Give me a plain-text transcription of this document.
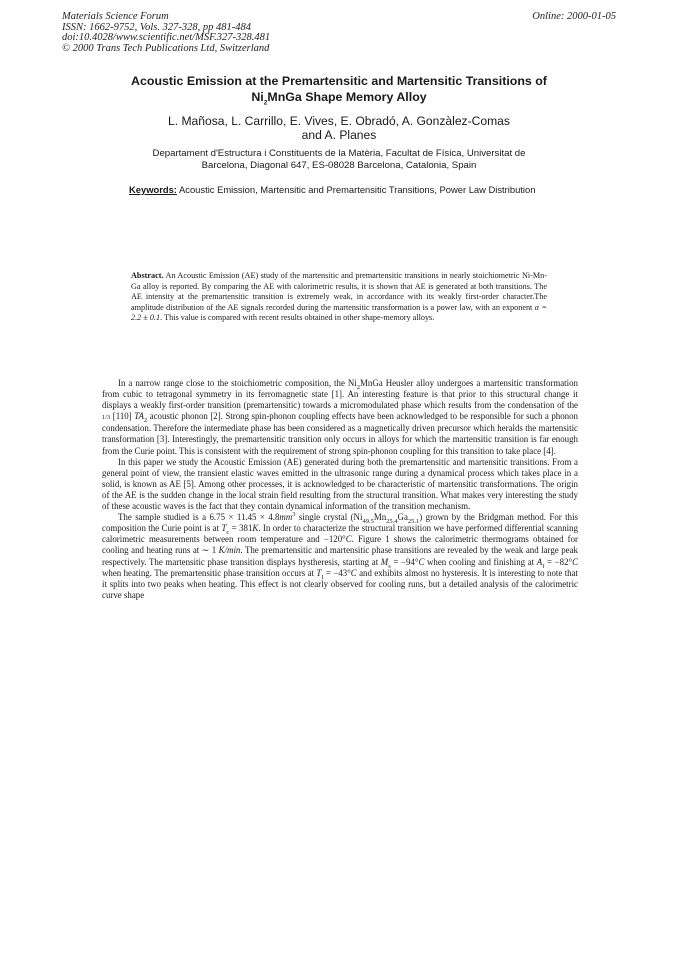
Materials Science Forum
ISSN: 1662-9752, Vols. 327-328, pp 481-484
doi:10.4028/www.scientific.net/MSF.327-328.481
© 2000 Trans Tech Publications Ltd, Switzerland
Online: 2000-01-05
Acoustic Emission at the Premartensitic and Martensitic Transitions of
$Ni_2MnGa$ Shape Memory Alloy
L. Mañosa, L. Carrillo, E. Vives, E. Obradó, A. Gonzàlez-Comas
and A. Planes
Departament d'Estructura i Constituents de la Matèria, Facultat de Física, Universitat de
Barcelona, Diagonal 647, ES-08028 Barcelona, Catalonia, Spain
Keywords: Acoustic Emission, Martensitic and Premartensitic Transitions, Power Law Distribution
Abstract. An Acoustic Emission (AE) study of the martensitic and premartensitic transitions in nearly stoichiometric Ni-Mn-Ga alloy is reported. By comparing the AE with calorimetric results, it is shown that AE is generated at both transitions. The AE intensity at the premartensitic transition is extremely weak, in accordance with its weakly first-order character.The amplitude distribution of the AE signals recorded during the martensitic transformation is a power law, with an exponent α = 2.2 ± 0.1. This value is compared with recent results obtained in other shape-memory alloys.

In a narrow range close to the stoichiometric composition, the $Ni_2MnGa$ Heusler alloy undergoes a martensitic transformation from cubic to tetragonal symmetry in its ferromagnetic state [1]. An interesting feature is that prior to this structural change it displays a weakly first-order transition (premartensitic) towards a micromodulated phase which results from the condensation of the 1/3 [110] $TA_2$ acoustic phonon [2]. Strong spin-phonon coupling effects have been acknowledged to be responsible for such a phonon condensation. Therefore the intermediate phase has been considered as a magnetically driven precursor which heralds the martensitic transformation [3]. Interestingly, the premartensitic transition only occurs in alloys for which the martensitic transition is far enough from the Curie point. This is consistent with the requirement of strong spin-phonon coupling for this transition to take place [4].

In this paper we study the Acoustic Emission (AE) generated during both the premartensitic and martensitic transitions. From a general point of view, the transient elastic waves emitted in the ultrasonic range during a dynamical process which takes place in a solid, is known as AE [5]. Among other processes, it is acknowledged to be characteristic of martensitic transformations. The origin of the AE is the sudden change in the local strain field resulting from the structural transition. What makes very interesting the study of these acoustic waves is the fact that they contain dynamical information of the transition mechanism.

The sample studied is a $6.75 \times 11.45 \times 4.8mm^3$ single crystal $(Ni_{49.5}Mn_{25.4}Ga_{25.1})$ grown by the Bridgman method. For this composition the Curie point is at $T_c = 381K$. In order to characterize the structural transition we have performed differential scanning calorimetric measurements between room temperature and −120°C. Figure 1 shows the calorimetric thermograms obtained for cooling and heating runs at ∼ 1 K/min. The premartensitic and martensitic phase transitions are revealed by the weak and large peak respectively. The martensitic phase transition displays hystheresis, starting at $M_s = -94^\circ C$ when cooling and finishing at $A_f = -82^\circ C$ when heating. The premartensitic phase transition occurs at $T_I = -43^\circ C$ and exhibits almost no hysteresis. It is interesting to note that it splits into two peaks when heating. This effect is not clearly observed for cooling runs, but a detailed analysis of the calorimetric curve shape
